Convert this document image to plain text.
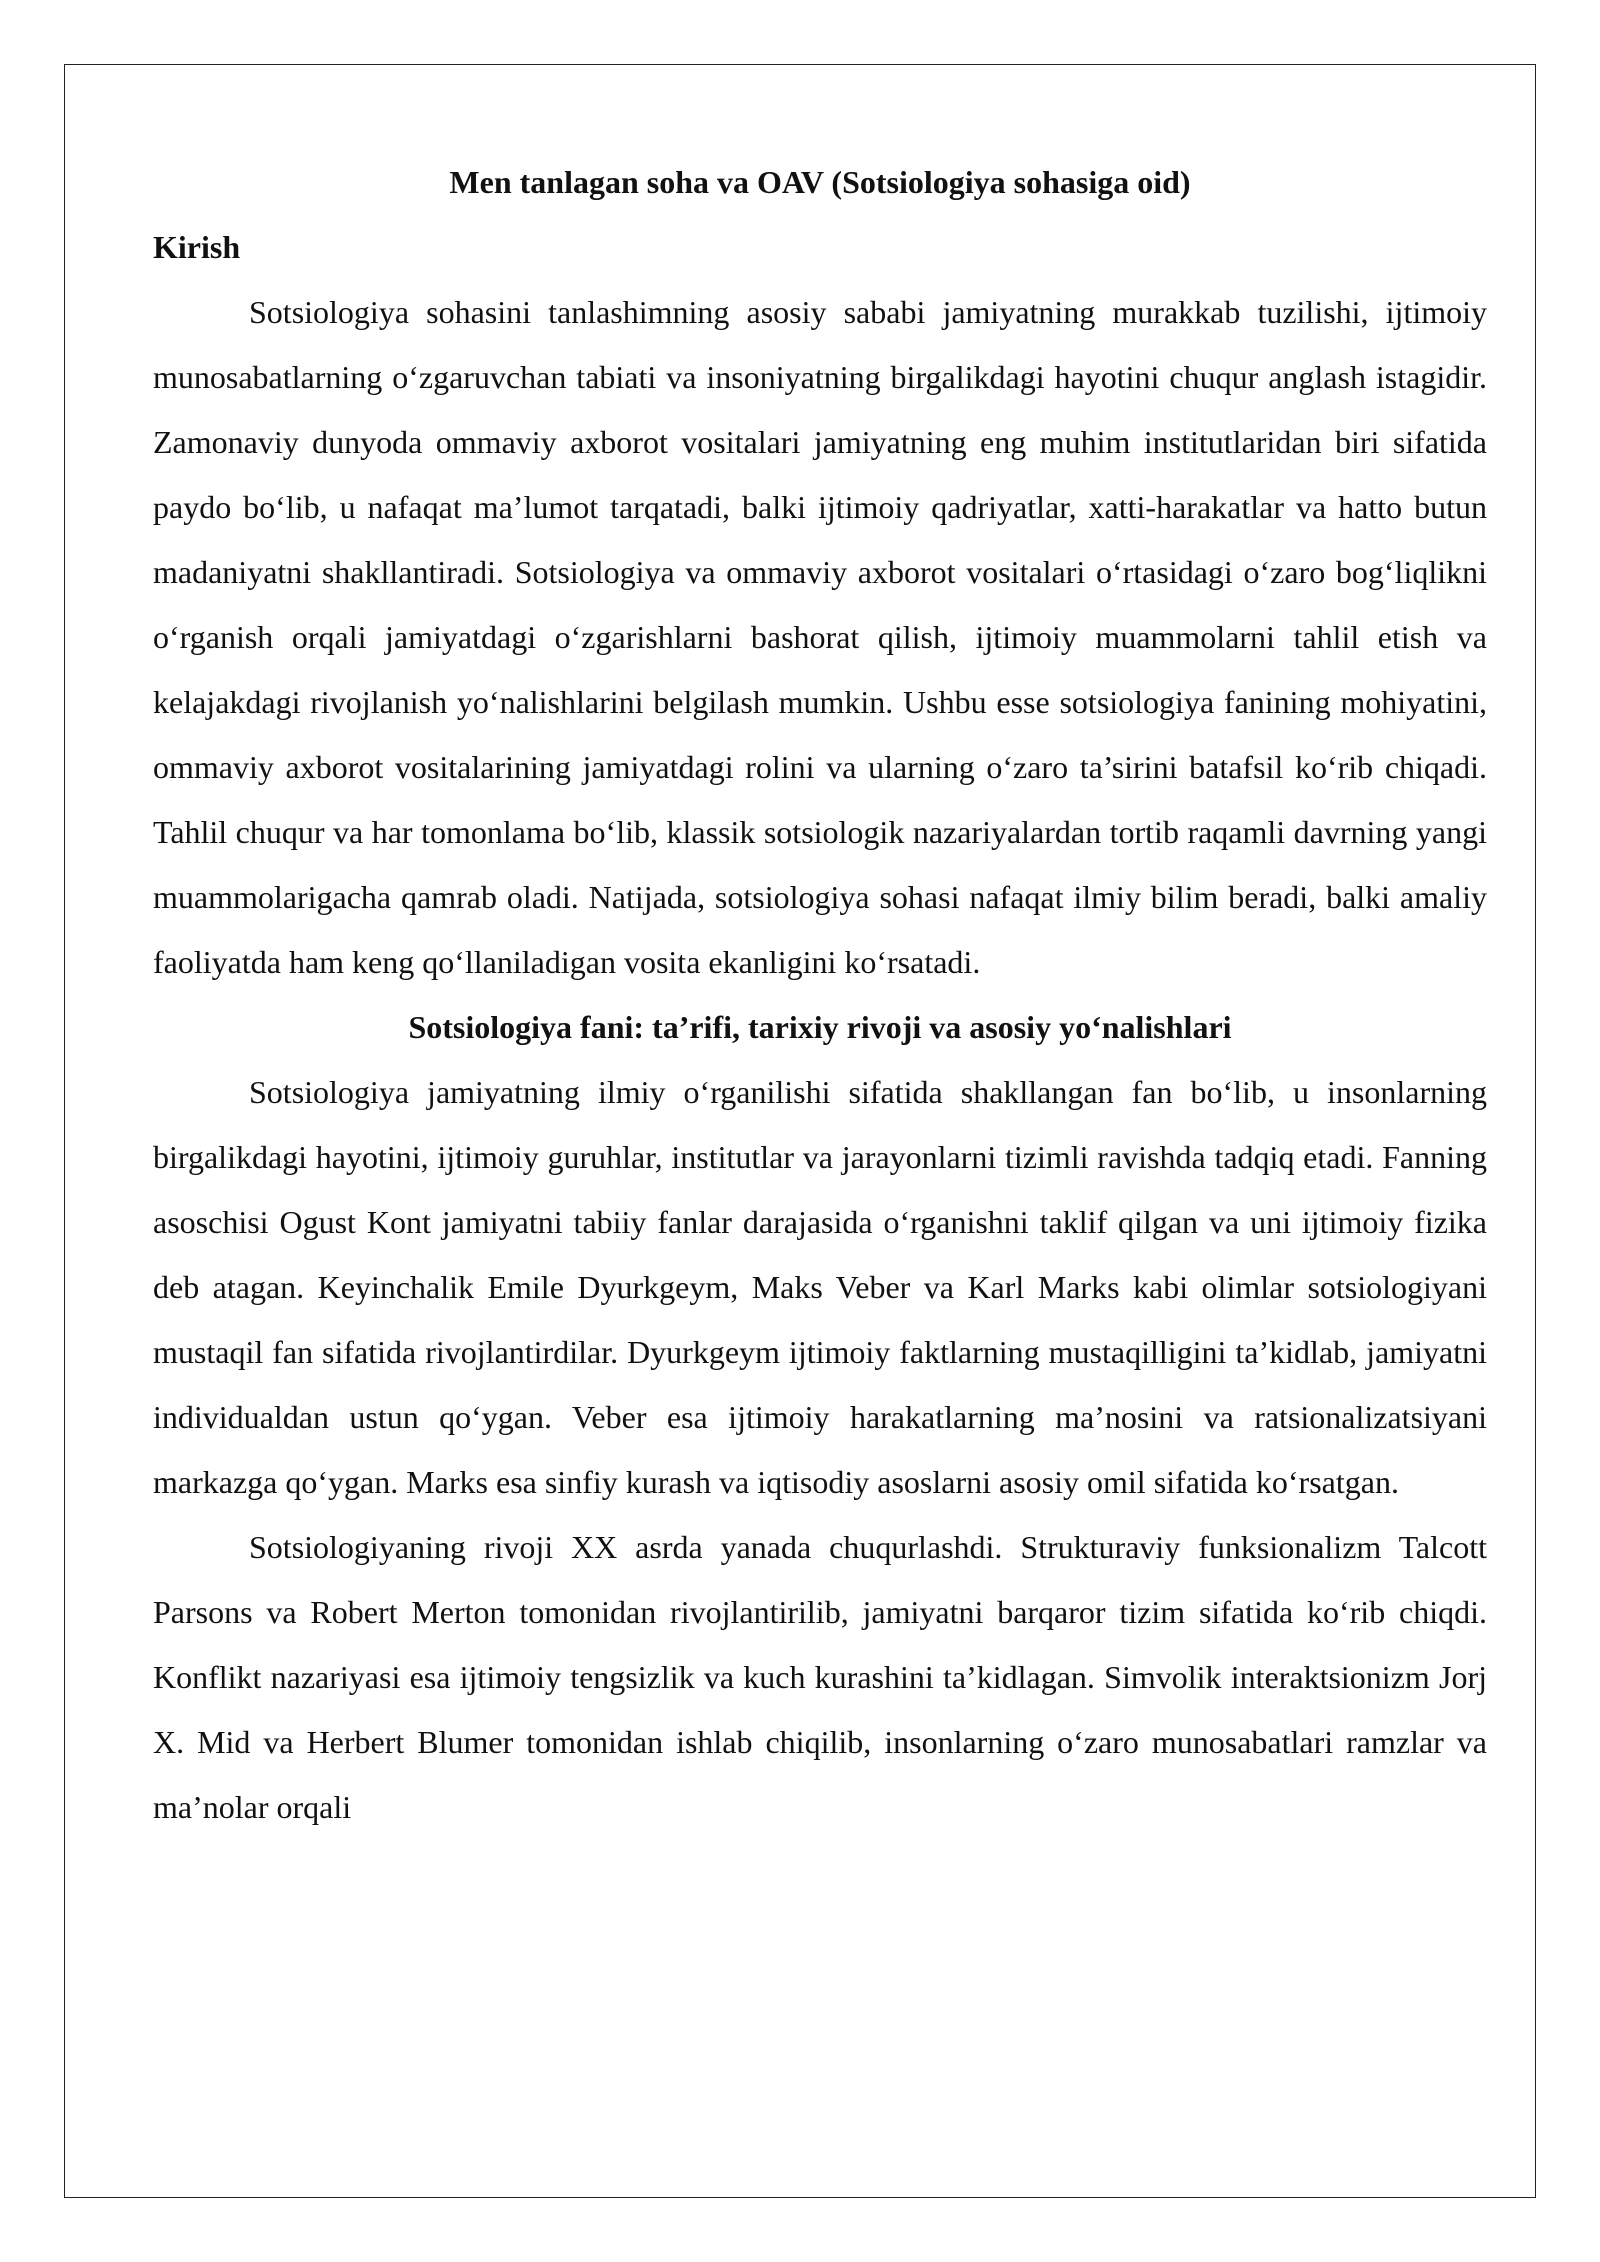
Men tanlagan soha va OAV (Sotsiologiya sohasiga oid)

Kirish

Sotsiologiya sohasini tanlashimning asosiy sababi jamiyatning murakkab tuzilishi, ijtimoiy munosabatlarning o‘zgaruvchan tabiati va insoniyatning birgalikdagi hayotini chuqur anglash istagidir. Zamonaviy dunyoda ommaviy axborot vositalari jamiyatning eng muhim institutlaridan biri sifatida paydo bo‘lib, u nafaqat ma’lumot tarqatadi, balki ijtimoiy qadriyatlar, xatti-harakatlar va hatto butun madaniyatni shakllantiradi. Sotsiologiya va ommaviy axborot vositalari o‘rtasidagi o‘zaro bog‘liqlikni o‘rganish orqali jamiyatdagi o‘zgarishlarni bashorat qilish, ijtimoiy muammolarni tahlil etish va kelajakdagi rivojlanish yo‘nalishlarini belgilash mumkin. Ushbu esse sotsiologiya fanining mohiyatini, ommaviy axborot vositalarining jamiyatdagi rolini va ularning o‘zaro ta’sirini batafsil ko‘rib chiqadi. Tahlil chuqur va har tomonlama bo‘lib, klassik sotsiologik nazariyalardan tortib raqamli davrning yangi muammolarigacha qamrab oladi. Natijada, sotsiologiya sohasi nafaqat ilmiy bilim beradi, balki amaliy faoliyatda ham keng qo‘llaniladigan vosita ekanligini ko‘rsatadi.

Sotsiologiya fani: ta’rifi, tarixiy rivoji va asosiy yo‘nalishlari

Sotsiologiya jamiyatning ilmiy o‘rganilishi sifatida shakllangan fan bo‘lib, u insonlarning birgalikdagi hayotini, ijtimoiy guruhlar, institutlar va jarayonlarni tizimli ravishda tadqiq etadi. Fanning asoschisi Ogust Kont jamiyatni tabiiy fanlar darajasida o‘rganishni taklif qilgan va uni ijtimoiy fizika deb atagan. Keyinchalik Emile Dyurkgeym, Maks Veber va Karl Marks kabi olimlar sotsiologiyani mustaqil fan sifatida rivojlantirdilar. Dyurkgeym ijtimoiy faktlarning mustaqilligini ta’kidlab, jamiyatni individualdan ustun qo‘ygan. Veber esa ijtimoiy harakatlarning ma’nosini va ratsionalizatsiyani markazga qo‘ygan. Marks esa sinfiy kurash va iqtisodiy asoslarni asosiy omil sifatida ko‘rsatgan.

Sotsiologiyaning rivoji XX asrda yanada chuqurlashdi. Strukturaviy funksionalizm Talcott Parsons va Robert Merton tomonidan rivojlantirilib, jamiyatni barqaror tizim sifatida ko‘rib chiqdi. Konflikt nazariyasi esa ijtimoiy tengsizlik va kuch kurashini ta’kidlagan. Simvolik interaktsionizm Jorj X. Mid va Herbert Blumer tomonidan ishlab chiqilib, insonlarning o‘zaro munosabatlari ramzlar va ma’nolar orqali
